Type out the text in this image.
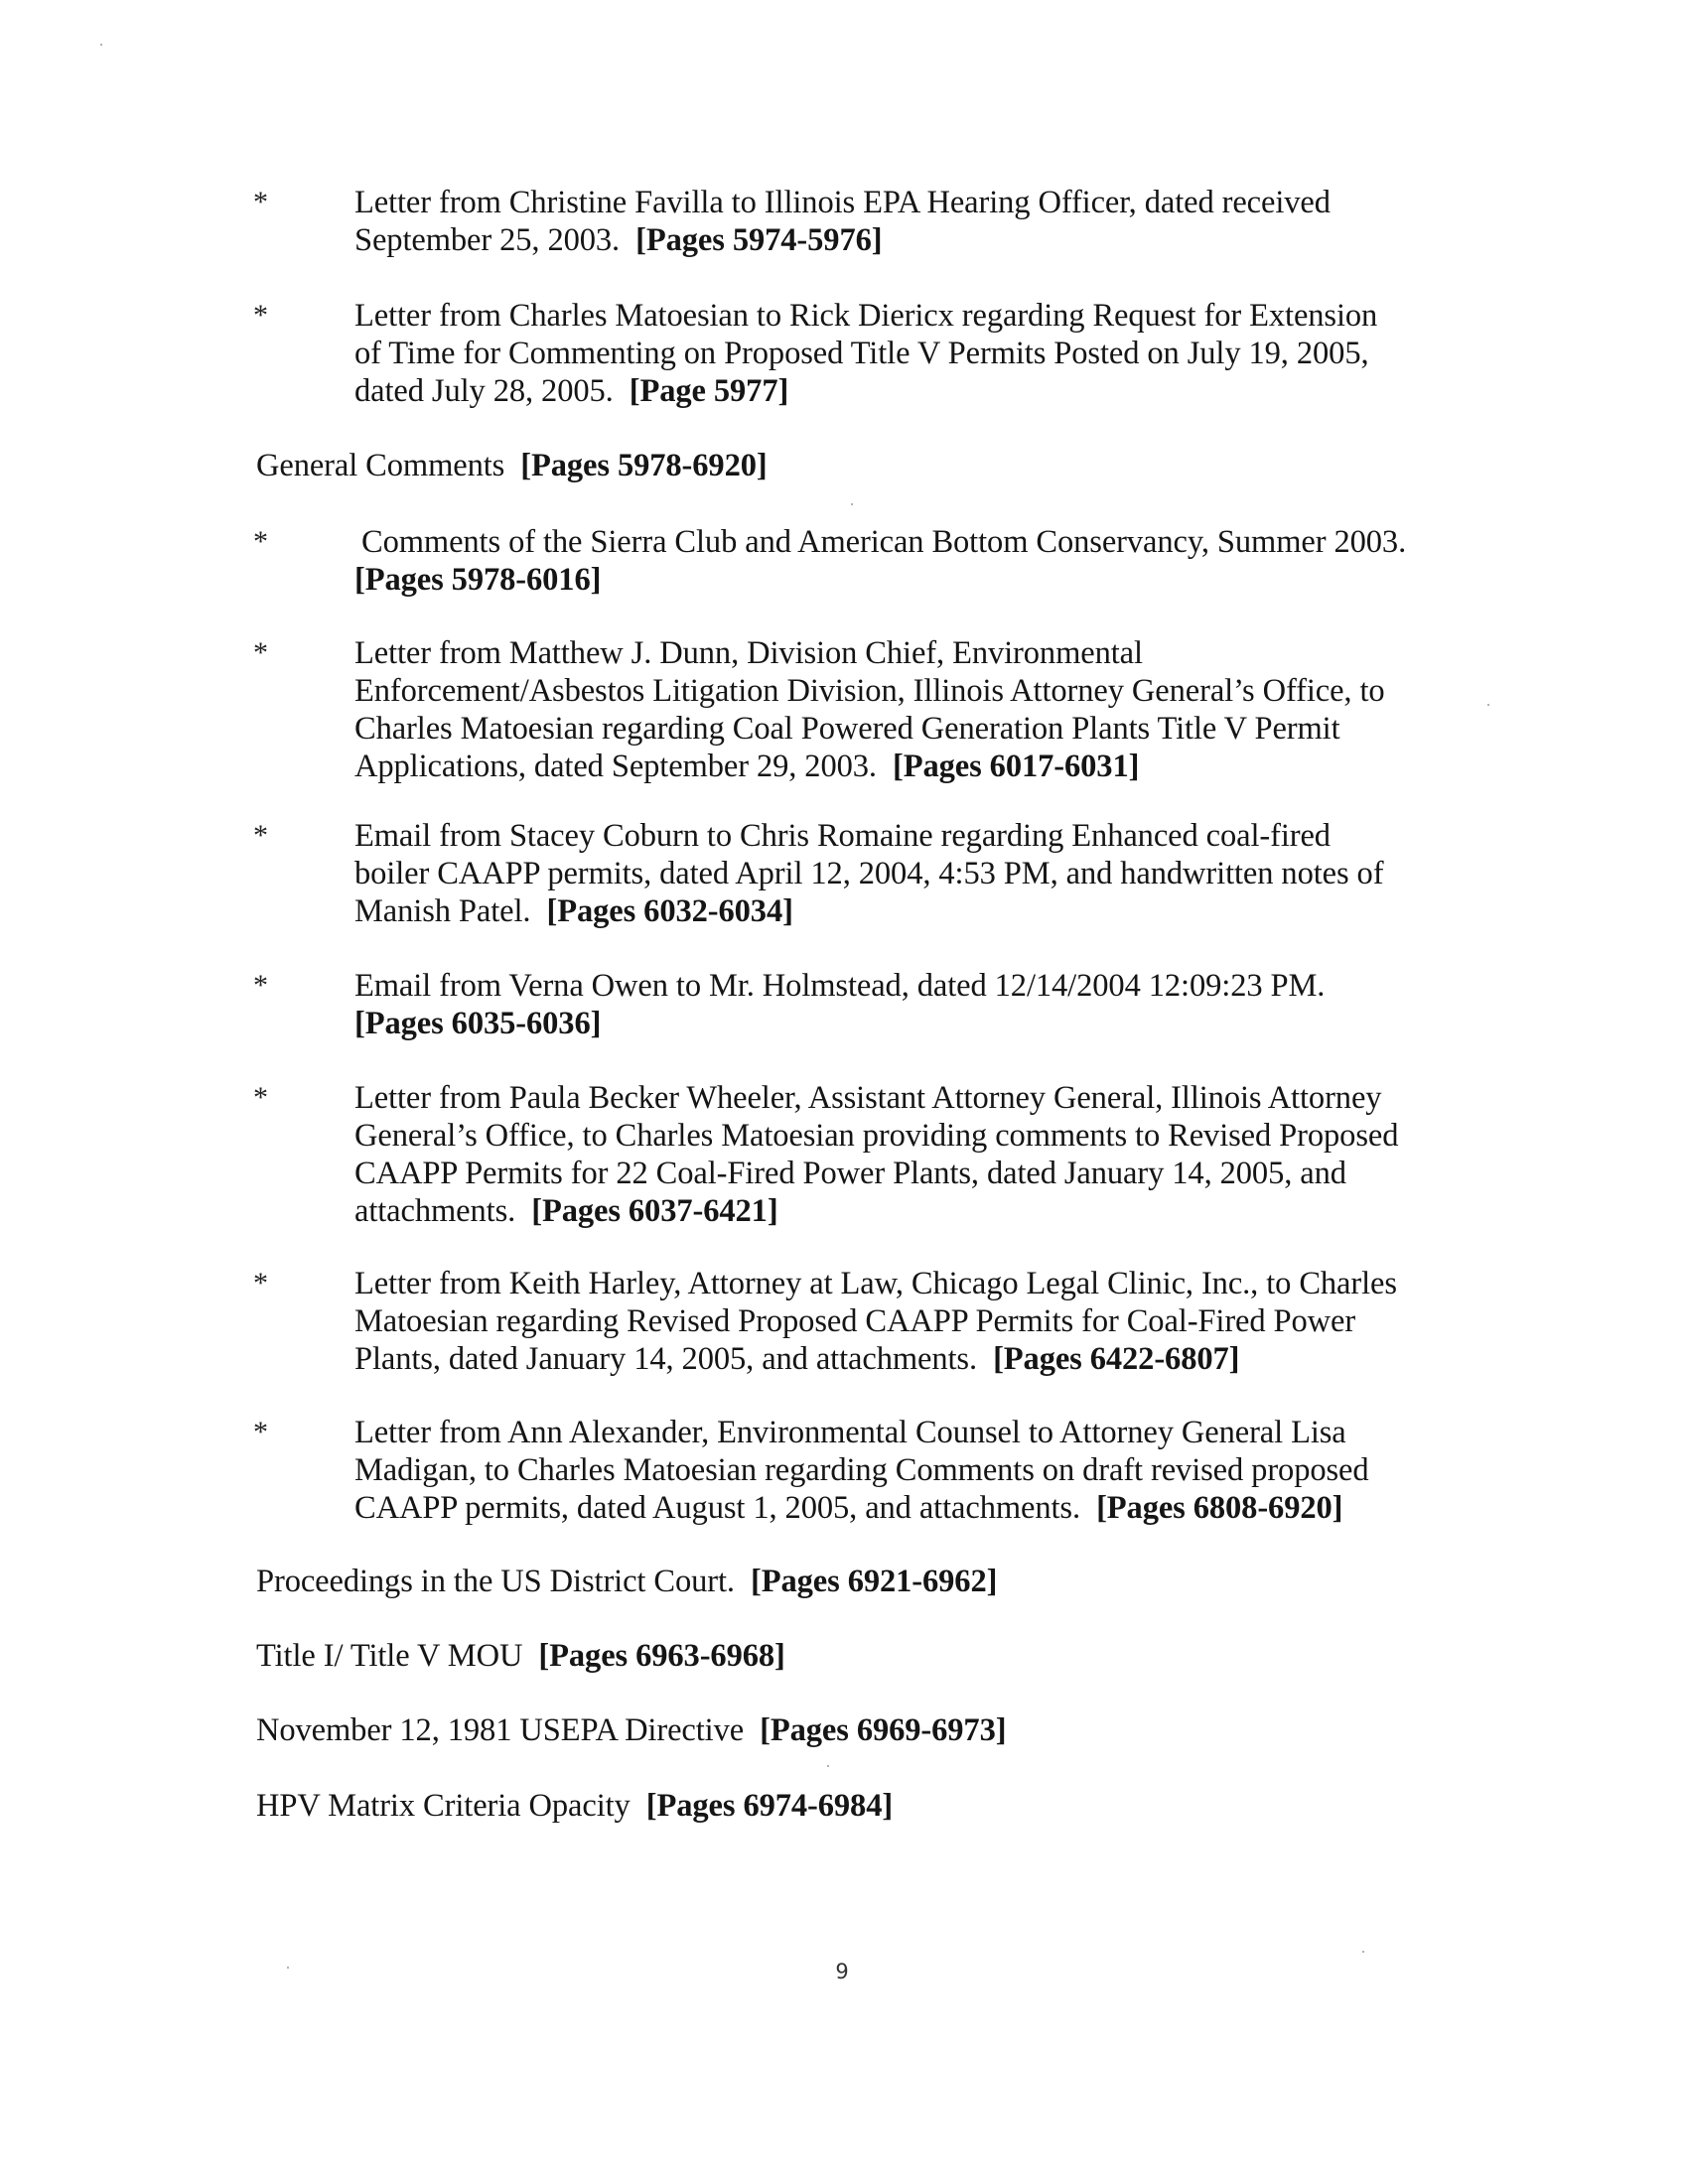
*	Letter from Christine Favilla to Illinois EPA Hearing Officer, dated received
September 25, 2003. [Pages 5974-5976]
*	Letter from Charles Matoesian to Rick Diericx regarding Request for Extension
of Time for Commenting on Proposed Title V Permits Posted on July 19, 2005,
dated July 28, 2005. [Page 5977]
General Comments [Pages 5978-6920]
*	Comments of the Sierra Club and American Bottom Conservancy, Summer 2003.
[Pages 5978-6016]
*	Letter from Matthew J. Dunn, Division Chief, Environmental
Enforcement/Asbestos Litigation Division, Illinois Attorney General’s Office, to
Charles Matoesian regarding Coal Powered Generation Plants Title V Permit
Applications, dated September 29, 2003. [Pages 6017-6031]
*	Email from Stacey Coburn to Chris Romaine regarding Enhanced coal-fired
boiler CAAPP permits, dated April 12, 2004, 4:53 PM, and handwritten notes of
Manish Patel. [Pages 6032-6034]
*	Email from Verna Owen to Mr. Holmstead, dated 12/14/2004 12:09:23 PM.
[Pages 6035-6036]
*	Letter from Paula Becker Wheeler, Assistant Attorney General, Illinois Attorney
General’s Office, to Charles Matoesian providing comments to Revised Proposed
CAAPP Permits for 22 Coal-Fired Power Plants, dated January 14, 2005, and
attachments. [Pages 6037-6421]
*	Letter from Keith Harley, Attorney at Law, Chicago Legal Clinic, Inc., to Charles
Matoesian regarding Revised Proposed CAAPP Permits for Coal-Fired Power
Plants, dated January 14, 2005, and attachments. [Pages 6422-6807]
*	Letter from Ann Alexander, Environmental Counsel to Attorney General Lisa
Madigan, to Charles Matoesian regarding Comments on draft revised proposed
CAAPP permits, dated August 1, 2005, and attachments. [Pages 6808-6920]
Proceedings in the US District Court. [Pages 6921-6962]
Title I/ Title V MOU [Pages 6963-6968]
November 12, 1981 USEPA Directive [Pages 6969-6973]
HPV Matrix Criteria Opacity [Pages 6974-6984]
9
